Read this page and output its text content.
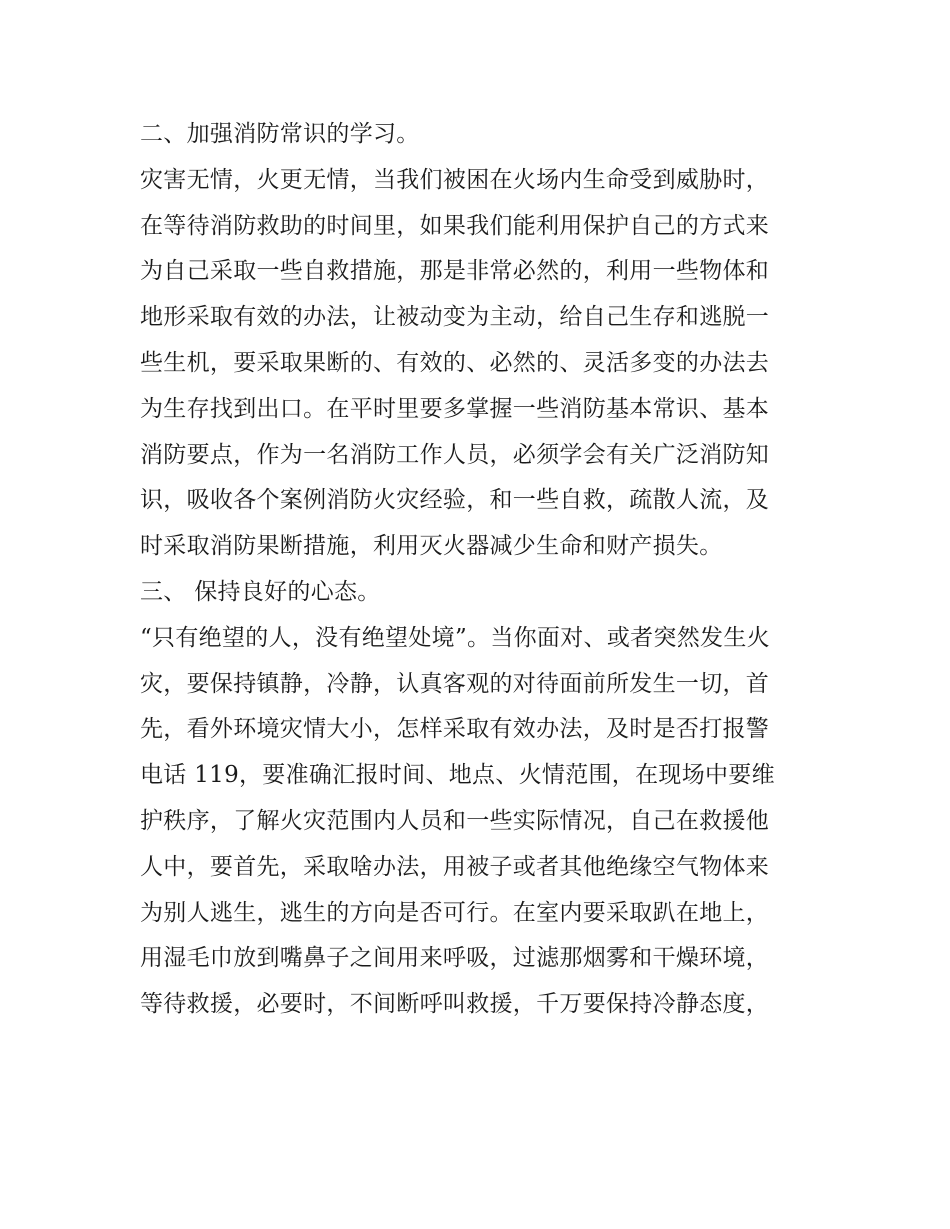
二、加强消防常识的学习。
灾害无情，火更无情，当我们被困在火场内生命受到威胁时，
在等待消防救助的时间里，如果我们能利用保护自己的方式来
为自己采取一些自救措施，那是非常必然的，利用一些物体和
地形采取有效的办法，让被动变为主动，给自己生存和逃脱一
些生机，要采取果断的、有效的、必然的、灵活多变的办法去
为生存找到出口。在平时里要多掌握一些消防基本常识、基本
消防要点，作为一名消防工作人员，必须学会有关广泛消防知
识，吸收各个案例消防火灾经验，和一些自救，疏散人流，及
时采取消防果断措施，利用灭火器减少生命和财产损失。
三、 保持良好的心态。
“只有绝望的人，没有绝望处境”。当你面对、或者突然发生火
灾，要保持镇静，冷静，认真客观的对待面前所发生一切，首
先，看外环境灾情大小，怎样采取有效办法，及时是否打报警
电话 119，要准确汇报时间、地点、火情范围，在现场中要维
护秩序，了解火灾范围内人员和一些实际情况，自己在救援他
人中，要首先，采取啥办法，用被子或者其他绝缘空气物体来
为别人逃生，逃生的方向是否可行。在室内要采取趴在地上，
用湿毛巾放到嘴鼻子之间用来呼吸，过滤那烟雾和干燥环境，
等待救援，必要时，不间断呼叫救援，千万要保持冷静态度，
